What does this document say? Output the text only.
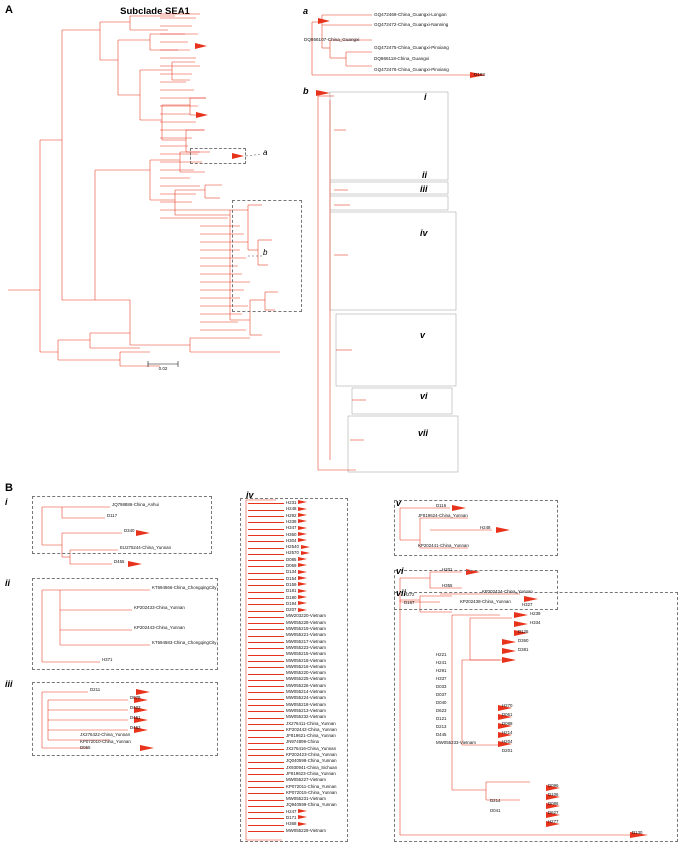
A	Subclade SEA1
a
b
0.02
a	GQ472469-China_Guangxi-Longan
GQ472472-China_Guangxi-Nanning
DQ866107-China_Guangxi
GQ472475-China_Guangxi-Pinxiang
DQ866118-China_Guangxi
GQ472476-China_Guangxi-Pinxiang
D182
b
i
ii
iii
iv
v
vi
vii
B
i	JQ798886-China_Anhui
D117
D340
EU275244-China_Yunnan
D455
ii	KT694566-China_ChongqingCity
KP202433-China_Yunnan
KP202443-China_Yunnan
KT694583-China_ChongqingCity
H371
iii
D211
D078
D403
D451
D453
JX276422-China_Yunnan
KP072010-China_Yunnan
D055
iv
H231
H248
H292
H339
H347
H360
H304
H2540
H2570
D085
D069
D134
D154
D159
D181
D180
D194
D207
MW203220-Vietnam
MW055228-Vietnam
MW055219-Vietnam
MW055221-Vietnam
MW055217-Vietnam
MW055223-Vietnam
MW055215-Vietnam
MW055218-Vietnam
MW055216-Vietnam
MW055220-Vietnam
MW055225-Vietnam
MW055226-Vietnam
MW055214-Vietnam
MW055224-Vietnam
MW055218-Vietnam
MW055213-Vietnam
MW055232-Vietnam
JX276411-China_Yunnan
KP202442-China_Yunnan
JF819621-China_Yunnan
JN974899-China
JX276416-China_Yunnan
KP202423-China_Yunnan
JQ040598-China_Yunnan
JX930941-China_Sichuan
JF819623-China_Yunnan
MW055227-Vietnam
KP072011-China_Yunnan
KP072015-China_Yunnan
MW055231-Vietnam
JQ940599-China_Yunnan
H247
D171
H368
MW055229-Vietnam
v	D116
JF819624-China_Yunnan
H248
KP202441-China_Yunnan
vi	H201
H355
KP202424-China_Yunnan
KP202438-China_Yunnan
vii
H272
D167
H239
H334
H327
D126
D360
D381
H221
H241
H291
H337
D033
D037
D040
D623
D121
D213
D445
MW055233-Vietnam
H270
D061
D088
H214
H204
D201
D096
D106
D086
D214
D041	D627
H277
D130
